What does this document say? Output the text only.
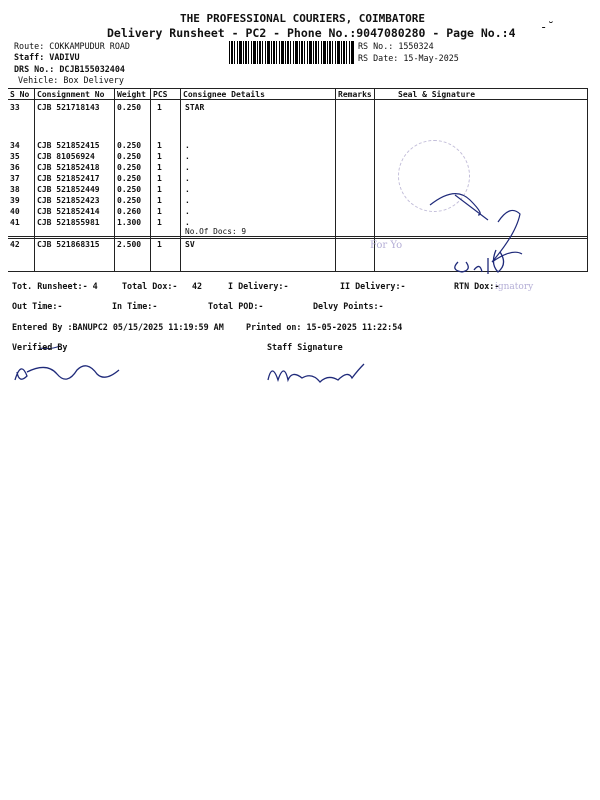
THE PROFESSIONAL COURIERS, COIMBATORE
Delivery Runsheet - PC2 - Phone No.:9047080280 - Page No.:4 -˘
Route: COKKAMPUDUR ROAD
Staff: VADIVU
DRS No.: DCJB155032404
Vehicle: Box Delivery
RS No.: 1550324
RS Date: 15-May-2025
S No Consignment No Weight PCS Consignee Details	Remarks	Seal & Signature
33 CJB 521718143 0.250 1	STAR
34 CJB 521852415 0.250 1	.
35 CJB 81056924	0.250 1	.
36 CJB 521852418 0.250 1	.
37 CJB 521852417 0.250 1	.
38 CJB 521852449 0.250 1	.
39 CJB 521852423 0.250 1	.
40 CJB 521852414 0.260 1	.
41 CJB 521855981 1.300 1	.
No.Of Docs: 9
42 CJB 521868315 2.500 1	SV	For Yo
ignatory
Tot. Runsheet:- 4	Total Dox:- 42	I Delivery:-	II Delivery:-	RTN Dox:-
Out Time:-	In Time:-	Total POD:-	Delvy Points:-
Entered By :BANUPC2 05/15/2025 11:19:59 AM	Printed on: 15-05-2025 11:22:54
Verified By	Staff Signature
